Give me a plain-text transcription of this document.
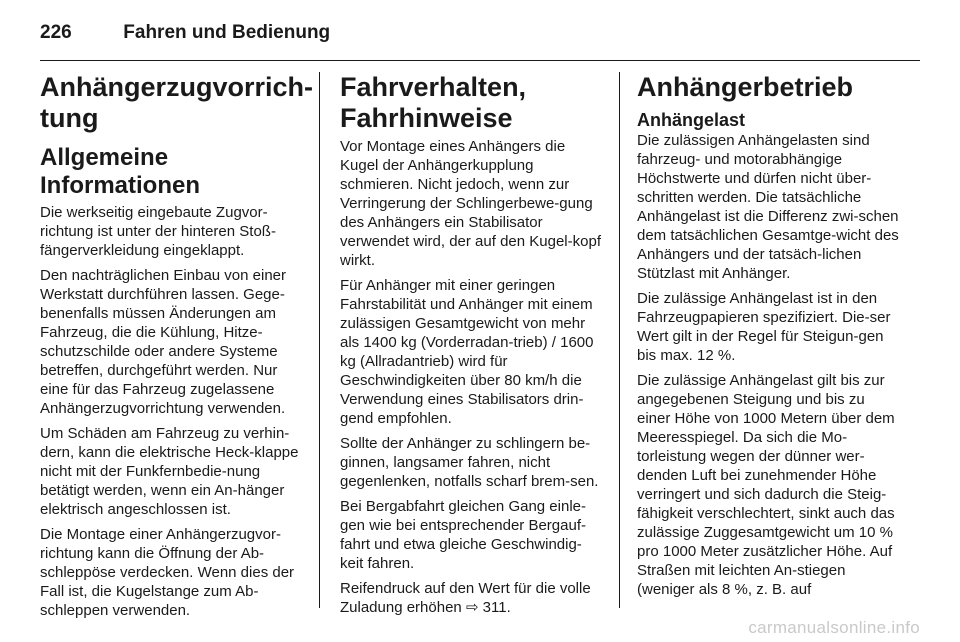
226	Fahren und Bedienung
Anhängerzugvorrich-
tung
Allgemeine Informationen

Die werkseitig eingebaute Zugvor-richtung ist unter der hinteren Stoß-fängerverkleidung eingeklappt.

Den nachträglichen Einbau von einer Werkstatt durchführen lassen. Gege-benenfalls müssen Änderungen am Fahrzeug, die die Kühlung, Hitze-schutzschilde oder andere Systeme betreffen, durchgeführt werden. Nur eine für das Fahrzeug zugelassene Anhängerzugvorrichtung verwenden.

Um Schäden am Fahrzeug zu verhin-dern, kann die elektrische Heck-klappe nicht mit der Funkfernbedie-nung betätigt werden, wenn ein An-hänger elektrisch angeschlossen ist.

Die Montage einer Anhängerzugvor-richtung kann die Öffnung der Ab-schleppöse verdecken. Wenn dies der Fall ist, die Kugelstange zum Ab-schleppen verwenden.

Fahrverhalten,
Fahrhinweise

Vor Montage eines Anhängers die Kugel der Anhängerkupplung schmieren. Nicht jedoch, wenn zur Verringerung der Schlingerbewe-gung des Anhängers ein Stabilisator verwendet wird, der auf den Kugel-kopf wirkt.

Für Anhänger mit einer geringen Fahrstabilität und Anhänger mit einem zulässigen Gesamtgewicht von mehr als 1400 kg (Vorderradan-trieb) / 1600 kg (Allradantrieb) wird für Geschwindigkeiten über 80 km/h die Verwendung eines Stabilisators drin-gend empfohlen.

Sollte der Anhänger zu schlingern be-ginnen, langsamer fahren, nicht gegenlenken, notfalls scharf brem-sen.

Bei Bergabfahrt gleichen Gang einle-gen wie bei entsprechender Bergauf-fahrt und etwa gleiche Geschwindig-keit fahren.

Reifendruck auf den Wert für die volle Zuladung erhöhen ⇨ 311.

Anhängerbetrieb
Anhängelast

Die zulässigen Anhängelasten sind fahrzeug- und motorabhängige Höchstwerte und dürfen nicht über-schritten werden. Die tatsächliche Anhängelast ist die Differenz zwi-schen dem tatsächlichen Gesamtge-wicht des Anhängers und der tatsäch-lichen Stützlast mit Anhänger.

Die zulässige Anhängelast ist in den Fahrzeugpapieren spezifiziert. Die-ser Wert gilt in der Regel für Steigun-gen bis max. 12 %.

Die zulässige Anhängelast gilt bis zur angegebenen Steigung und bis zu einer Höhe von 1000 Metern über dem Meeresspiegel. Da sich die Mo-torleistung wegen der dünner wer-denden Luft bei zunehmender Höhe verringert und sich dadurch die Steig-fähigkeit verschlechtert, sinkt auch das zulässige Zuggesamtgewicht um 10 % pro 1000 Meter zusätzlicher Höhe. Auf Straßen mit leichten An-stiegen (weniger als 8 %, z. B. auf

carmanualsonline.info
